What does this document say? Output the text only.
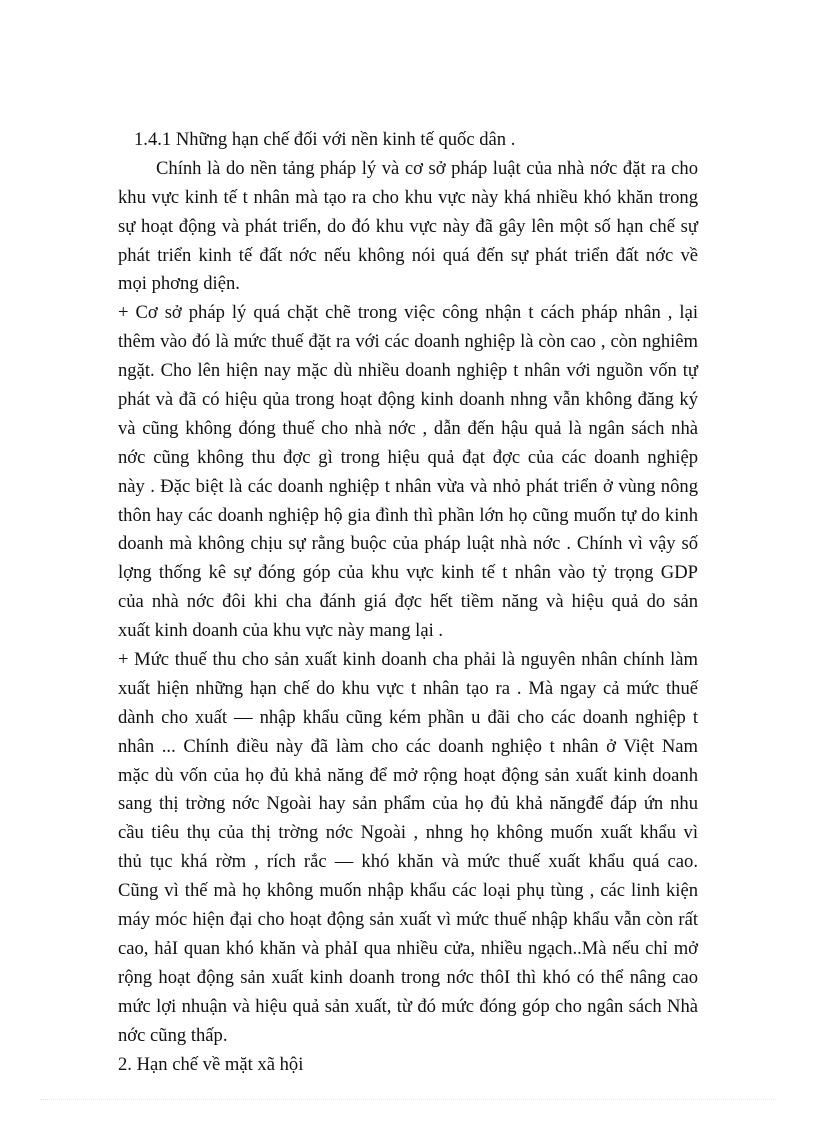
1.4.1 Những hạn chế đối với nền kinh tế quốc dân .
Chính là do nền tảng pháp lý và cơ sở pháp luật của nhà nớc đặt ra cho
khu vực kinh tế t nhân mà tạo ra cho khu vực này khá nhiều khó khăn trong
sự hoạt động và phát triển, do đó khu vực này đã gây lên một số hạn chế sự
phát triển kinh tế đất nớc nếu không nói quá đến sự phát triển đất nớc về
mọi phơng diện.
+ Cơ sở pháp lý quá chặt chẽ trong việc công nhận t cách pháp nhân , lại
thêm vào đó là mức thuế đặt ra với các doanh nghiệp là còn cao , còn nghiêm
ngặt. Cho lên hiện nay mặc dù nhiều doanh nghiệp t nhân với nguồn vốn tự
phát và đã có hiệu qủa trong hoạt động kinh doanh nhng vẫn không đăng ký
và cũng không đóng thuế cho nhà nớc , dẫn đến hậu quả là ngân sách nhà
nớc cũng không thu đợc gì trong hiệu quả đạt đợc của các doanh nghiệp
này . Đặc biệt là các doanh nghiệp t nhân vừa và nhỏ phát triển ở vùng nông
thôn hay các doanh nghiệp hộ gia đình thì phần lớn họ cũng muốn tự do kinh
doanh mà không chịu sự rằng buộc của pháp luật nhà nớc . Chính vì vậy số
lợng thống kê sự đóng góp của khu vực kinh tế t nhân vào tỷ trọng GDP
của nhà nớc đôi khi cha đánh giá đợc hết tiềm năng và hiệu quả do sản
xuất kinh doanh của khu vực này mang lại .
+ Mức thuế thu cho sản xuất kinh doanh cha phải là nguyên nhân chính làm
xuất hiện những hạn chế do khu vực t nhân tạo ra . Mà ngay cả mức thuế
dành cho xuất — nhập khẩu cũng kém phần u đãi cho các doanh nghiệp t
nhân ... Chính điều này đã làm cho các doanh nghiệo t nhân ở Việt Nam
mặc dù vốn của họ đủ khả năng để mở rộng hoạt động sản xuất kinh doanh
sang thị trờng nớc Ngoài hay sản phẩm của họ đủ khả năngđể đáp ứn nhu
cầu tiêu thụ của thị trờng nớc Ngoài , nhng họ không muốn xuất khẩu vì
thủ tục khá rờm , rích rắc — khó khăn và mức thuế xuất khẩu quá cao.
Cũng vì thế mà họ không muốn nhập khẩu các loại phụ tùng , các linh kiện
máy móc hiện đại cho hoạt động sản xuất vì mức thuế nhập khẩu vẫn còn rất
cao, hảI quan khó khăn và phảI qua nhiều cửa, nhiều ngạch..Mà nếu chỉ mở
rộng hoạt động sản xuất kinh doanh trong nớc thôI thì khó có thể nâng cao
mức lợi nhuận và hiệu quả sản xuất, từ đó mức đóng góp cho ngân sách Nhà
nớc cũng thấp.
2. Hạn chế về mặt xã hội
